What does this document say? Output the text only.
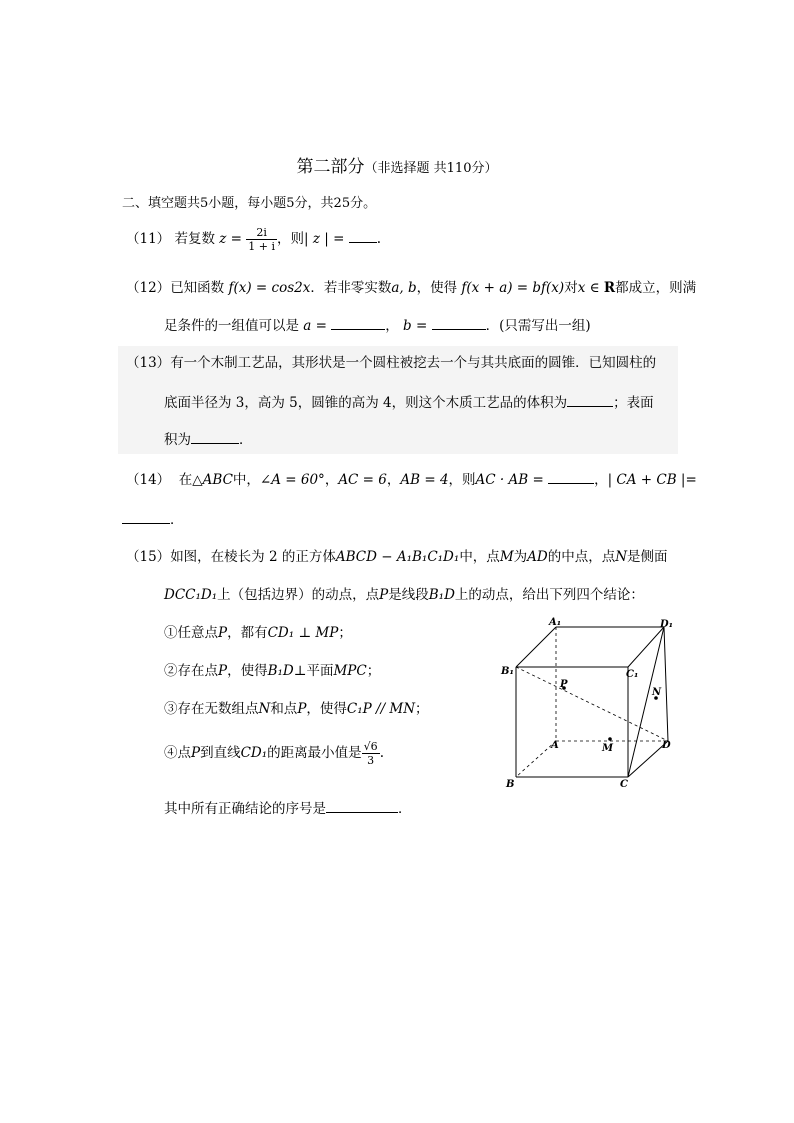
第二部分（非选择题 共110分）
二、填空题共5小题，每小题5分，共25分。
（11） 若复数 $z = \frac{2i}{1 + i}$ ，则| z | = .
（12）已知函数 f(x) = cos2x．若非零实数a, b，使得 f(x + a) = bf(x)对x ∈ R都成立，则满
足条件的一组值可以是 a =	， b =	．(只需写出一组)
（13）有一个木制工艺品，其形状是一个圆柱被挖去一个与其共底面的圆锥．已知圆柱的
底面半径为 3，高为 5，圆锥的高为 4，则这个木质工艺品的体积为	；表面
积为	．
（14） 在△ABC中，∠A = 60°，AC = 6，AB = 4，则AC · AB =	，| CA + CB |=
．
（15）如图，在棱长为 2 的正方体ABCD − A₁B₁C₁D₁中，点M为AD的中点，点N是侧面
DCC₁D₁上（包括边界）的动点，点P是线段B₁D上的动点，给出下列四个结论：
①任意点P，都有CD₁ ⊥ MP；
②存在点P，使得B₁D⊥平面MPC；
③存在无数组点N和点P，使得C₁P // MN；
④点P到直线CD₁的距离最小值是 $\frac{√6}{3}$ .
其中所有正确结论的序号是	．
A₁	D₁
B₁	C₁
P
N
A	M	D
B	C
